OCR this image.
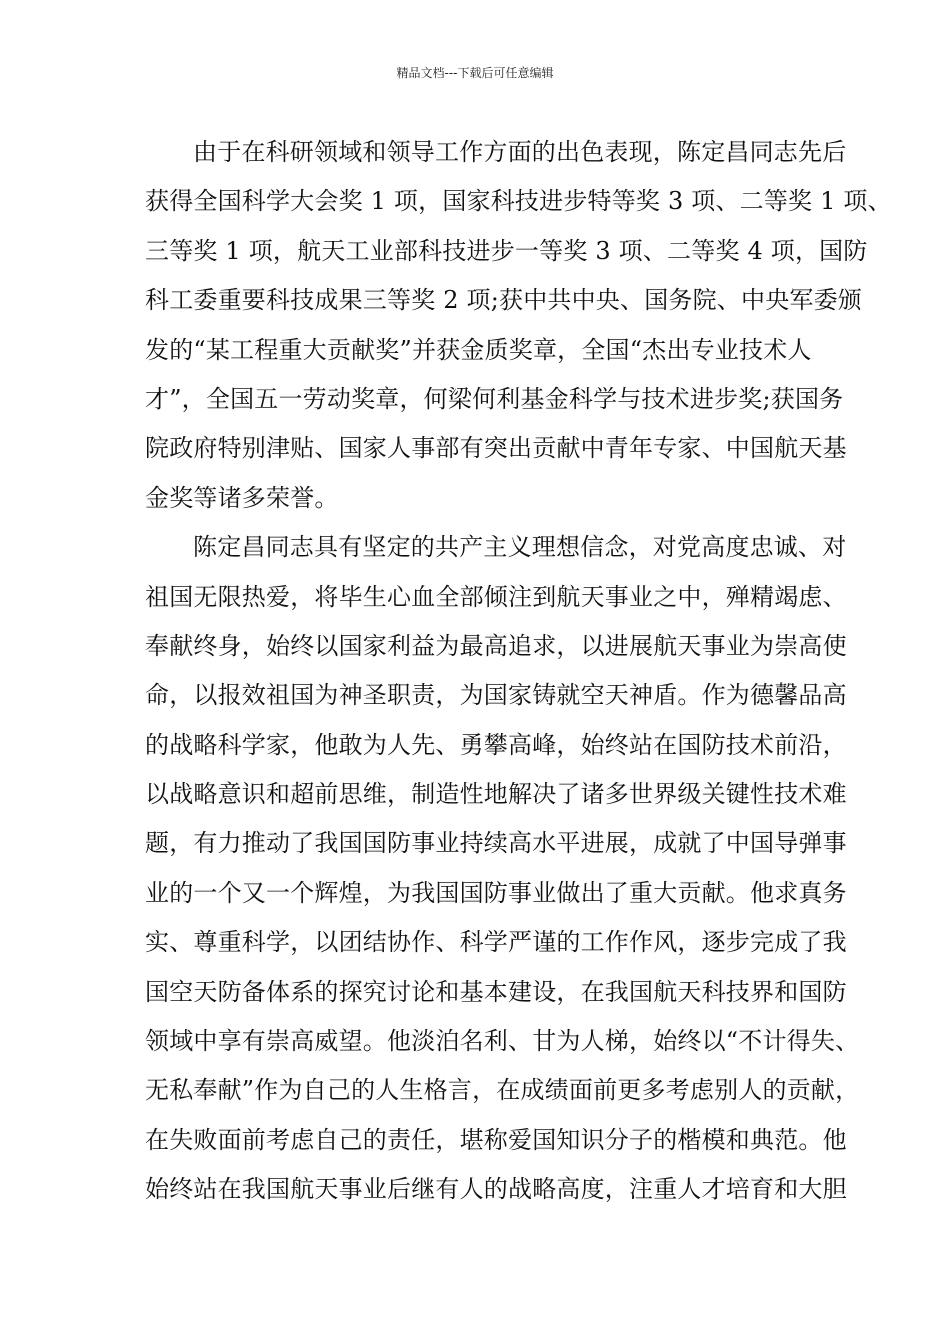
精品文档---下载后可任意编辑
由于在科研领域和领导工作方面的出色表现，陈定昌同志先后
获得全国科学大会奖 1 项，国家科技进步特等奖 3 项、二等奖 1 项、
三等奖 1 项，航天工业部科技进步一等奖 3 项、二等奖 4 项，国防
科工委重要科技成果三等奖 2 项;获中共中央、国务院、中央军委颁
发的“某工程重大贡献奖”并获金质奖章，全国“杰出专业技术人
才”，全国五一劳动奖章，何梁何利基金科学与技术进步奖;获国务
院政府特别津贴、国家人事部有突出贡献中青年专家、中国航天基
金奖等诸多荣誉。
陈定昌同志具有坚定的共产主义理想信念，对党高度忠诚、对
祖国无限热爱，将毕生心血全部倾注到航天事业之中，殚精竭虑、
奉献终身，始终以国家利益为最高追求，以进展航天事业为崇高使
命，以报效祖国为神圣职责，为国家铸就空天神盾。作为德馨品高
的战略科学家，他敢为人先、勇攀高峰，始终站在国防技术前沿，
以战略意识和超前思维，制造性地解决了诸多世界级关键性技术难
题，有力推动了我国国防事业持续高水平进展，成就了中国导弹事
业的一个又一个辉煌，为我国国防事业做出了重大贡献。他求真务
实、尊重科学，以团结协作、科学严谨的工作作风，逐步完成了我
国空天防备体系的探究讨论和基本建设，在我国航天科技界和国防
领域中享有崇高威望。他淡泊名利、甘为人梯，始终以“不计得失、
无私奉献”作为自己的人生格言，在成绩面前更多考虑别人的贡献，
在失败面前考虑自己的责任，堪称爱国知识分子的楷模和典范。他
始终站在我国航天事业后继有人的战略高度，注重人才培育和大胆
